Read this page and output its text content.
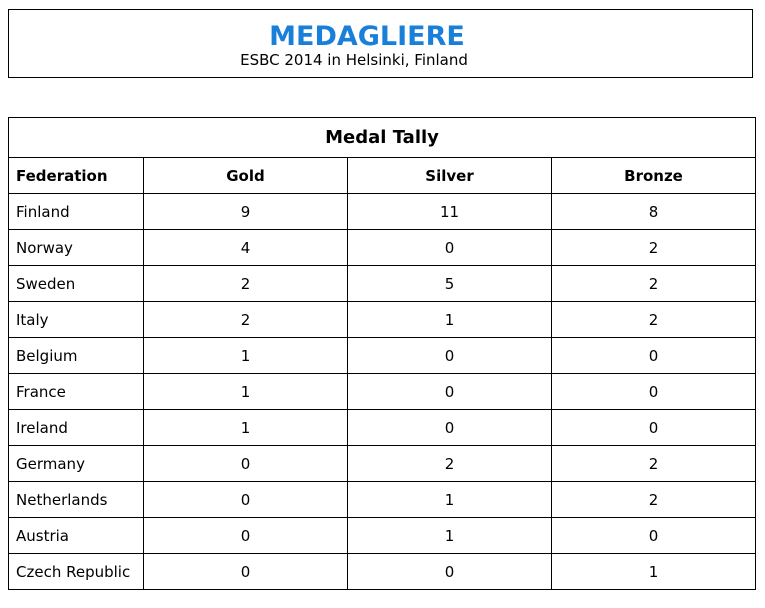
MEDAGLIERE
ESBC 2014 in Helsinki, Finland
Medal Tally			
Federation	Gold	Silver	Bronze
Finland	9	11	8
Norway	4	0	2
Sweden	2	5	2
Italy	2	1	2
Belgium	1	0	0
France	1	0	0
Ireland	1	0	0
Germany	0	2	2
Netherlands	0	1	2
Austria	0	1	0
Czech Republic	0	0	1
